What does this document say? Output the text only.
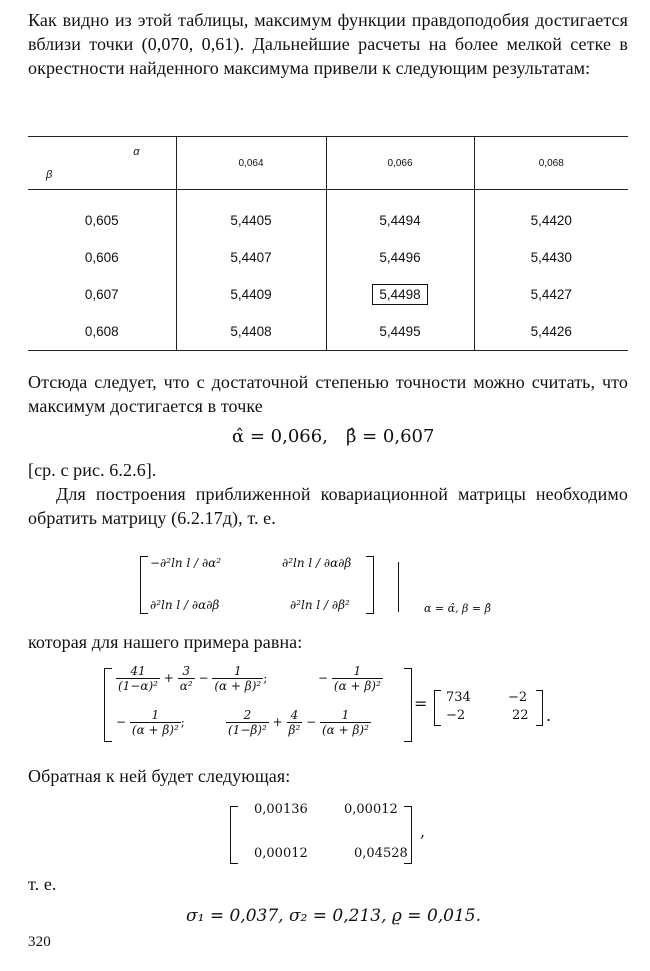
Как видно из этой таблицы, максимум функции правдоподобия достигается вблизи точки (0,070, 0,61). Дальнейшие расчеты на более мелкой сетке в окрестности найденного максимума привели к следующим результатам:
α
β	0,064	0,066	0,068
0,605	5,4405	5,4494	5,4420
0,606	5,4407	5,4496	5,4430
0,607	5,4409	5,4498	5,4427
0,608	5,4408	5,4495	5,4426
Отсюда следует, что с достаточной степенью точности можно считать, что максимум достигается в точке
α̂ = 0,066, β̂ = 0,607
[ср. с рис. 6.2.6].
Для построения приближенной ковариационной матрицы необходимо обратить матрицу (6.2.17д), т. е.
−∂²ln l / ∂α²	∂²ln l / ∂α∂β
∂²ln l / ∂α∂β	∂²ln l / ∂β²	α = α̂, β = β̂
которая для нашего примера равна:
$\frac{41}{\text{(1−α)²}} + \frac{3}{\text{α²}} - \frac{1}{\text{(α + β)²}}$ ;	− $\frac{1}{\text{(α + β)²}}$
− $\frac{1}{\text{(α + β)²}}$ ;	$\frac{2}{\text{(1−β)²}} + \frac{4}{\text{β²}} - \frac{1}{\text{(α + β)²}}$
= 734	−2
−2	22 .
Обратная к ней будет следующая:
0,00136	0,00012
0,00012	0,04528
,
т. е.
σ₁ = 0,037, σ₂ = 0,213, ϱ = 0,015.
320
